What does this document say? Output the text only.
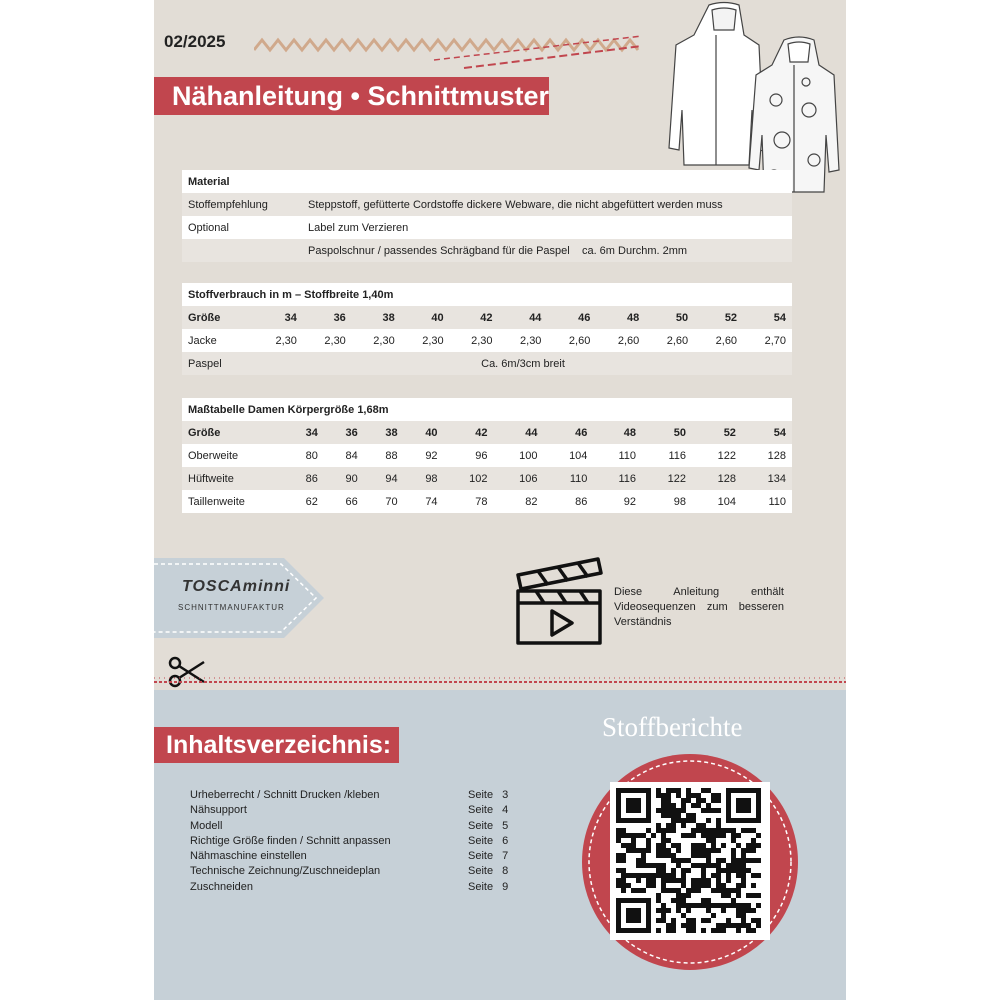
02/2025
Nähanleitung • Schnittmuster
Material	
Stoffempfehlung	Steppstoff, gefütterte Cordstoffe dickere Webware, die nicht abgefüttert werden muss
Optional	Label zum Verzieren
	Paspolschnur / passendes Schrägband für die Paspel    ca. 6m Durchm. 2mm
Stoffverbrauch in m – Stoffbreite 1,40m											
Größe	34	36	38	40	42	44	46	48	50	52	54
Jacke	2,30	2,30	2,30	2,30	2,30	2,30	2,60	2,60	2,60	2,60	2,70
Paspel	Ca. 6m/3cm breit										
Maßtabelle Damen Körpergröße 1,68m											
Größe	34	36	38	40	42	44	46	48	50	52	54
Oberweite	80	84	88	92	96	100	104	110	116	122	128
Hüftweite	86	90	94	98	102	106	110	116	122	128	134
Taillenweite	62	66	70	74	78	82	86	92	98	104	110
TOSCAminni
SCHNITTMANUFAKTUR
Diese Anleitung enthält Videosequenzen zum besseren Verständnis
Inhaltsverzeichnis:
Urheberrecht / Schnitt Drucken /kleben	Seite 3
Nähsupport	Seite 4
Modell	Seite 5
Richtige Größe finden / Schnitt anpassen	Seite 6
Nähmaschine einstellen	Seite 7
Technische Zeichnung/Zuschneideplan	Seite 8
Zuschneiden	Seite 9
Stoffberichte
